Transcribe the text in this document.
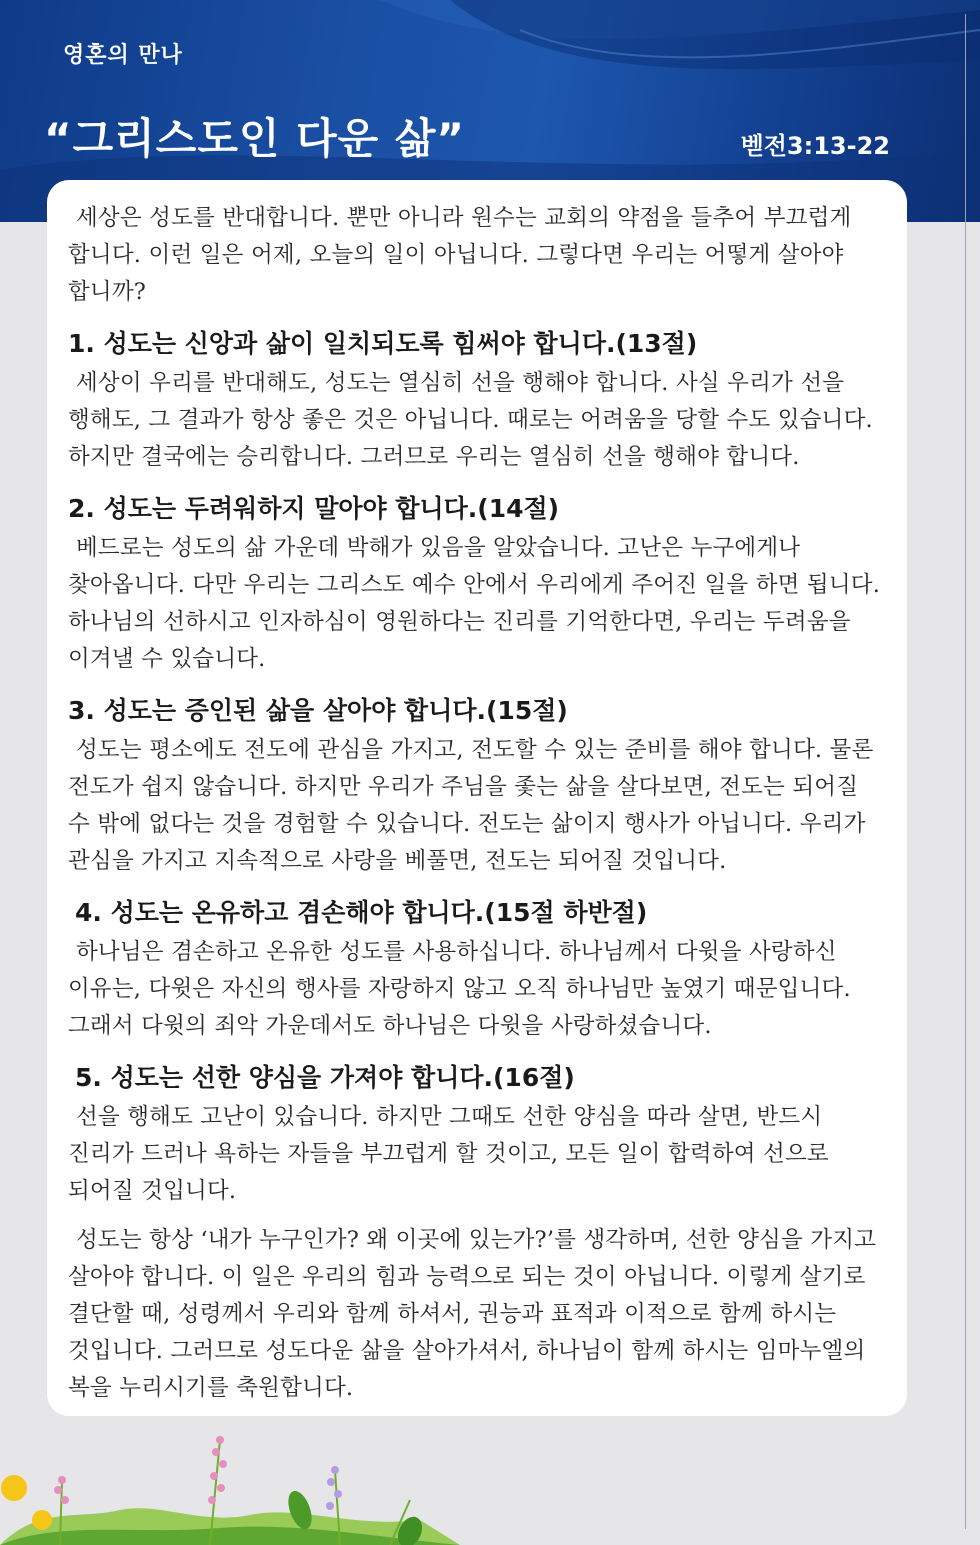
영혼의 만나
“그리스도인 다운 삶”	벧전3:13-22

세상은 성도를 반대합니다. 뿐만 아니라 원수는 교회의 약점을 들추어 부끄럽게 합니다. 이런 일은 어제, 오늘의 일이 아닙니다. 그렇다면 우리는 어떻게 살아야 합니까?

1. 성도는 신앙과 삶이 일치되도록 힘써야 합니다.(13절)

세상이 우리를 반대해도, 성도는 열심히 선을 행해야 합니다. 사실 우리가 선을 행해도, 그 결과가 항상 좋은 것은 아닙니다. 때로는 어려움을 당할 수도 있습니다. 하지만 결국에는 승리합니다. 그러므로 우리는 열심히 선을 행해야 합니다.

2. 성도는 두려워하지 말아야 합니다.(14절)

베드로는 성도의 삶 가운데 박해가 있음을 알았습니다. 고난은 누구에게나 찾아옵니다. 다만 우리는 그리스도 예수 안에서 우리에게 주어진 일을 하면 됩니다. 하나님의 선하시고 인자하심이 영원하다는 진리를 기억한다면, 우리는 두려움을 이겨낼 수 있습니다.

3. 성도는 증인된 삶을 살아야 합니다.(15절)

성도는 평소에도 전도에 관심을 가지고, 전도할 수 있는 준비를 해야 합니다. 물론 전도가 쉽지 않습니다. 하지만 우리가 주님을 좇는 삶을 살다보면, 전도는 되어질 수 밖에 없다는 것을 경험할 수 있습니다. 전도는 삶이지 행사가 아닙니다. 우리가 관심을 가지고 지속적으로 사랑을 베풀면, 전도는 되어질 것입니다.

4. 성도는 온유하고 겸손해야 합니다.(15절 하반절)

하나님은 겸손하고 온유한 성도를 사용하십니다. 하나님께서 다윗을 사랑하신 이유는, 다윗은 자신의 행사를 자랑하지 않고 오직 하나님만 높였기 때문입니다. 그래서 다윗의 죄악 가운데서도 하나님은 다윗을 사랑하셨습니다.

5. 성도는 선한 양심을 가져야 합니다.(16절)

선을 행해도 고난이 있습니다. 하지만 그때도 선한 양심을 따라 살면, 반드시 진리가 드러나 욕하는 자들을 부끄럽게 할 것이고, 모든 일이 합력하여 선으로 되어질 것입니다.

성도는 항상 ‘내가 누구인가? 왜 이곳에 있는가?’를 생각하며, 선한 양심을 가지고 살아야 합니다. 이 일은 우리의 힘과 능력으로 되는 것이 아닙니다. 이렇게 살기로 결단할 때, 성령께서 우리와 함께 하셔서, 권능과 표적과 이적으로 함께 하시는 것입니다. 그러므로 성도다운 삶을 살아가셔서, 하나님이 함께 하시는 임마누엘의 복을 누리시기를 축원합니다.
